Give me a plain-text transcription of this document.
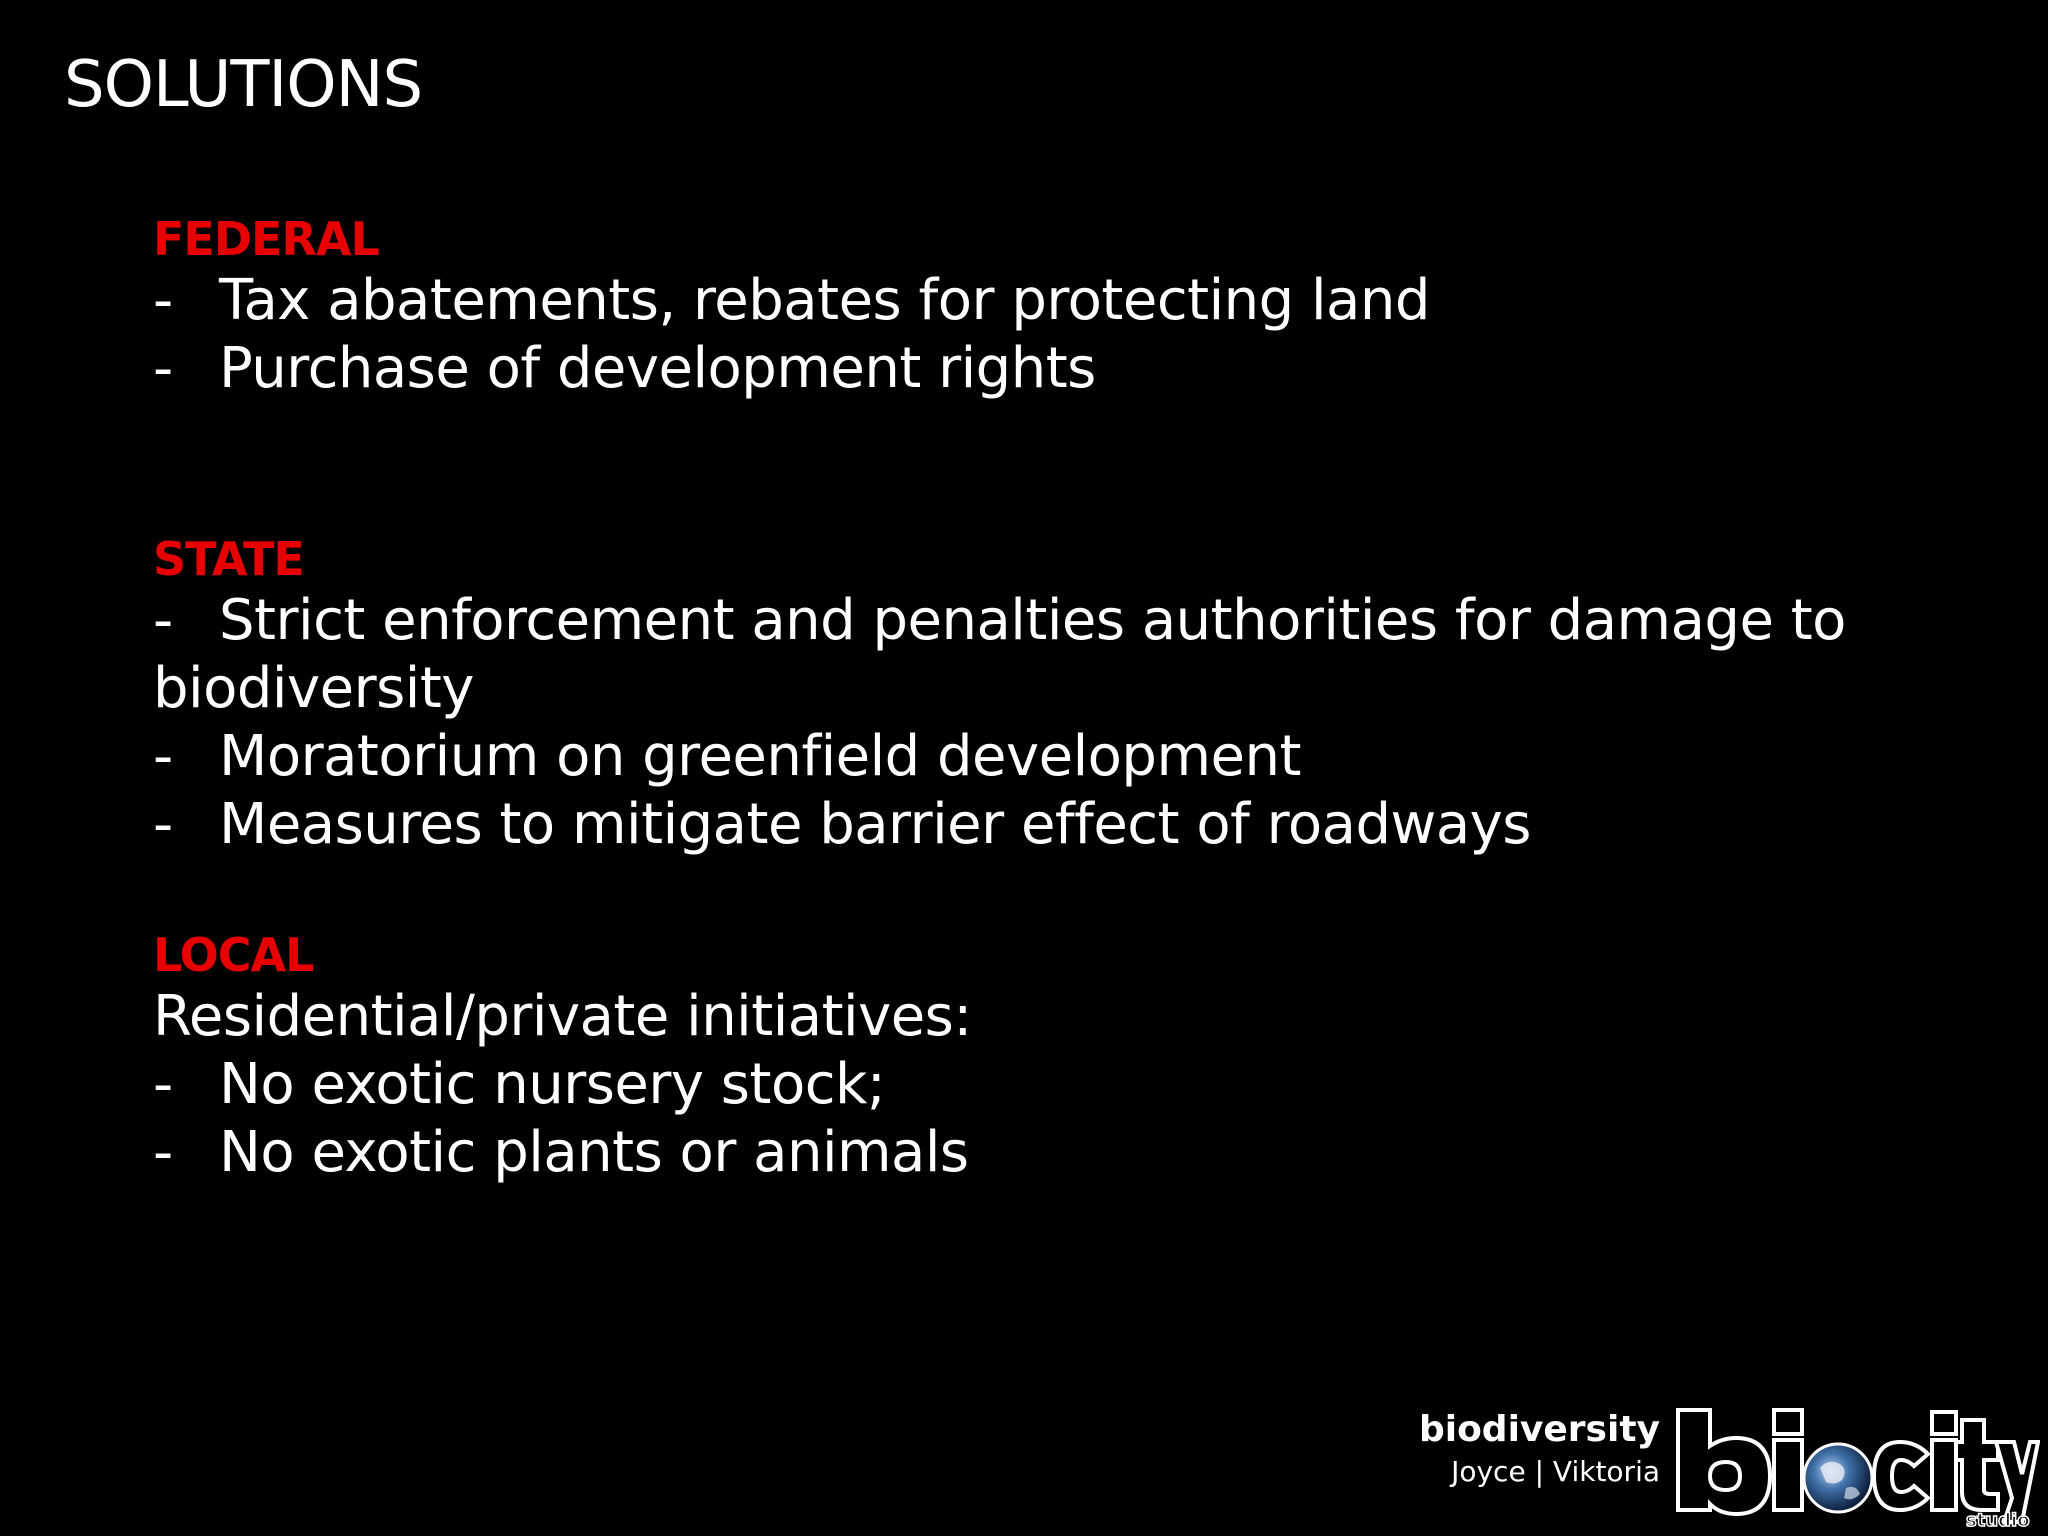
SOLUTIONS
FEDERAL
- Tax abatements, rebates for protecting land
- Purchase of development rights
STATE
- Strict enforcement and penalties authorities for damage to biodiversity
- Moratorium on greenfield development
- Measures to mitigate barrier effect of roadways
LOCAL
Residential/private initiatives:
- No exotic nursery stock;
- No exotic plants or animals
biodiversity
Joyce | Viktoria
studio
